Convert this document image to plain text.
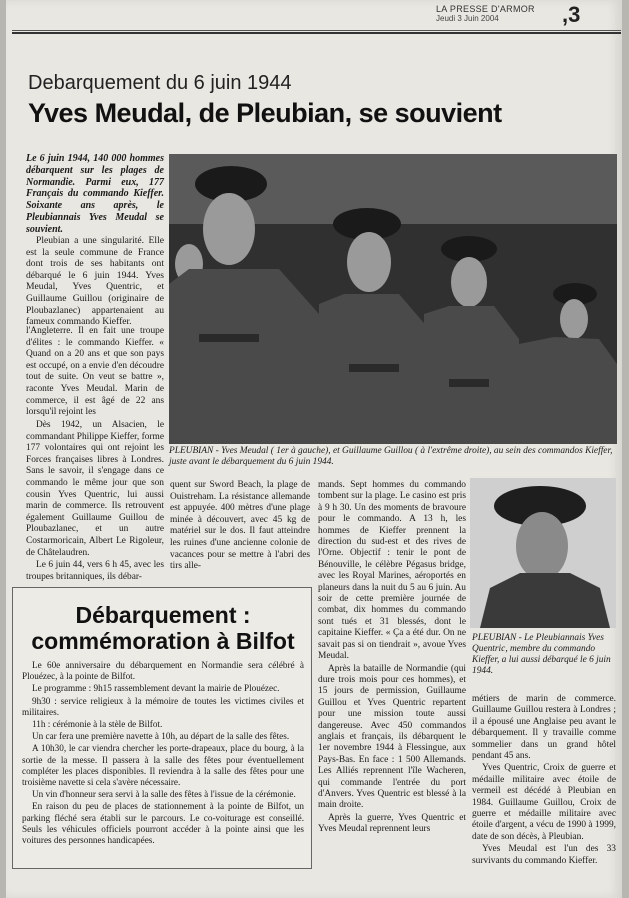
LA PRESSE D'ARMOR
Jeudi 3 Juin 2004	,3
Debarquement du 6 juin 1944
Yves Meudal, de Pleubian, se souvient
Le 6 juin 1944, 140 000 hommes débarquent sur les plages de Normandie. Parmi eux, 177 Français du commando Kieffer. Soixante ans après, le Pleubiannais Yves Meudal se souvient.

Pleubian a une singularité. Elle est la seule commune de France dont trois de ses habitants ont débarqué le 6 juin 1944. Yves Meudal, Yves Quentric, et Guillaume Guillou (originaire de Ploubazlanec) appartenaient au fameux commando Kieffer.

l'Angleterre. Il en fait une troupe d'élites : le commando Kieffer. « Quand on a 20 ans et que son pays est occupé, on a envie d'en découdre tout de suite. On veut se battre », raconte Yves Meudal. Marin de commerce, il est âgé de 22 ans lorsqu'il rejoint les

Dès 1942, un Alsacien, le commandant Philippe Kieffer, forme 177 volontaires qui ont rejoint les Forces françaises libres à Londres. Sans le savoir, il s'engage dans ce commando le même jour que son cousin Yves Quentric, lui aussi marin de commerce. Ils retrouvent également Guillaume Guillou de Ploubazlanec, et un autre Costarmoricain, Albert Le Rigoleur, de Châtelaudren.

Le 6 juin 44, vers 6 h 45, avec les troupes britanniques, ils débar-

PLEUBIAN - Yves Meudal ( 1er à gauche), et Guillaume Guillou ( à l'extrême droite), au sein des commandos Kieffer, juste avant le débarquement du 6 juin 1944.

quent sur Sword Beach, la plage de Ouistreham. La résistance allemande est appuyée. 400 mètres d'une plage minée à découvert, avec 45 kg de matériel sur le dos. Il faut atteindre les ruines d'une ancienne colonie de vacances pour se mettre à l'abri des tirs alle-

mands. Sept hommes du commando tombent sur la plage. Le casino est pris à 9 h 30. Un des moments de bravoure pour le commando. A 13 h, les hommes de Kieffer prennent la direction du sud-est et des rives de l'Orne. Objectif : tenir le pont de Bénouville, le célèbre Pégasus bridge, avec les Royal Marines, aéroportés en planeurs dans la nuit du 5 au 6 juin. Au soir de cette première journée de combat, dix hommes du commando sont tués et 31 blessés, dont le capitaine Kieffer. « Ça a été dur. On ne savait pas si on tiendrait », avoue Yves Meudal.

Après la bataille de Normandie (qui dure trois mois pour ces hommes), et 15 jours de permission, Guillaume Guillou et Yves Quentric repartent pour une mission toute aussi dangereuse. Avec 450 commandos anglais et français, ils débarquent le 1er novembre 1944 à Flessingue, aux Pays-Bas. En face : 1 500 Allemands. Les Alliés reprennent l'île Wacheren, qui commande l'entrée du port d'Anvers. Yves Quentric est blessé à la main droite.

Après la guerre, Yves Quentric et Yves Meudal reprennent leurs

PLEUBIAN - Le Pleubiannais Yves Quentric, membre du commando Kieffer, a lui aussi débarqué le 6 juin 1944.

métiers de marin de commerce. Guillaume Guillou restera à Londres ; il a épousé une Anglaise peu avant le débarquement. Il y travaille comme sommelier dans un grand hôtel pendant 45 ans.

Yves Quentric, Croix de guerre et médaille militaire avec étoile de vermeil est décédé à Pleubian en 1984. Guillaume Guillou, Croix de guerre et médaille militaire avec étoile d'argent, a vécu de 1990 à 1999, date de son décès, à Pleubian.

Yves Meudal est l'un des 33 survivants du commando Kieffer.

Débarquement : commémoration à Bilfot

Le 60e anniversaire du débarquement en Normandie sera célébré à Plouézec, à la pointe de Bilfot.

Le programme : 9h15 rassemblement devant la mairie de Plouézec.

9h30 : service religieux à la mémoire de toutes les victimes civiles et militaires.

11h : cérémonie à la stèle de Bilfot.

Un car fera une première navette à 10h, au départ de la salle des fêtes.

A 10h30, le car viendra chercher les porte-drapeaux, place du bourg, à la sortie de la messe. Il passera à la salle des fêtes pour éventuellement compléter les places disponibles. Il reviendra à la salle des fêtes pour une troisième navette si cela s'avère nécessaire.

Un vin d'honneur sera servi à la salle des fêtes à l'issue de la cérémonie.

En raison du peu de places de stationnement à la pointe de Bilfot, un parking fléché sera établi sur le parcours. Le co-voiturage est conseillé. Seuls les véhicules officiels pourront accéder à la pointe ainsi que les voitures des personnes handicapées.
